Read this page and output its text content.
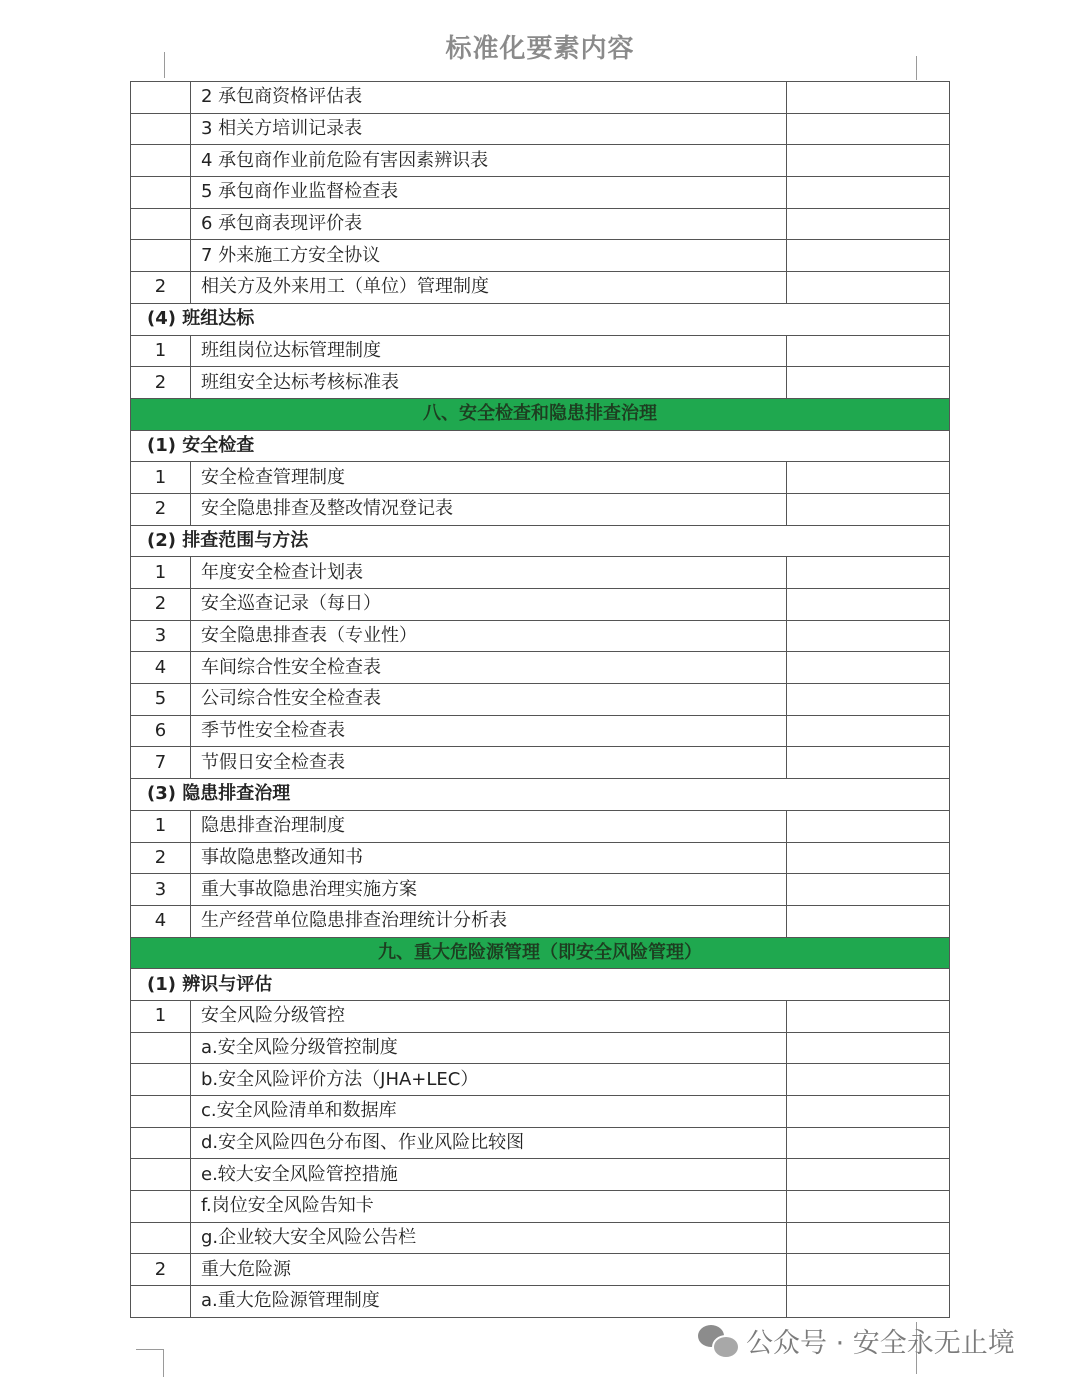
标准化要素内容
	2 承包商资格评估表	
	3 相关方培训记录表	
	4 承包商作业前危险有害因素辨识表	
	5 承包商作业监督检查表	
	6 承包商表现评价表	
	7 外来施工方安全协议	
2	相关方及外来用工（单位）管理制度	
(4) 班组达标		
1	班组岗位达标管理制度	
2	班组安全达标考核标准表	
八、安全检查和隐患排查治理		
(1) 安全检查		
1	安全检查管理制度	
2	安全隐患排查及整改情况登记表	
(2) 排查范围与方法		
1	年度安全检查计划表	
2	安全巡查记录（每日）	
3	安全隐患排查表（专业性）	
4	车间综合性安全检查表	
5	公司综合性安全检查表	
6	季节性安全检查表	
7	节假日安全检查表	
(3) 隐患排查治理		
1	隐患排查治理制度	
2	事故隐患整改通知书	
3	重大事故隐患治理实施方案	
4	生产经营单位隐患排查治理统计分析表	
九、重大危险源管理（即安全风险管理）		
(1) 辨识与评估		
1	安全风险分级管控	
	a.安全风险分级管控制度	
	b.安全风险评价方法（JHA+LEC）	
	c.安全风险清单和数据库	
	d.安全风险四色分布图、作业风险比较图	
	e.较大安全风险管控措施	
	f.岗位安全风险告知卡	
	g.企业较大安全风险公告栏	
2	重大危险源	
	a.重大危险源管理制度	
公众号 · 安全永无止境
